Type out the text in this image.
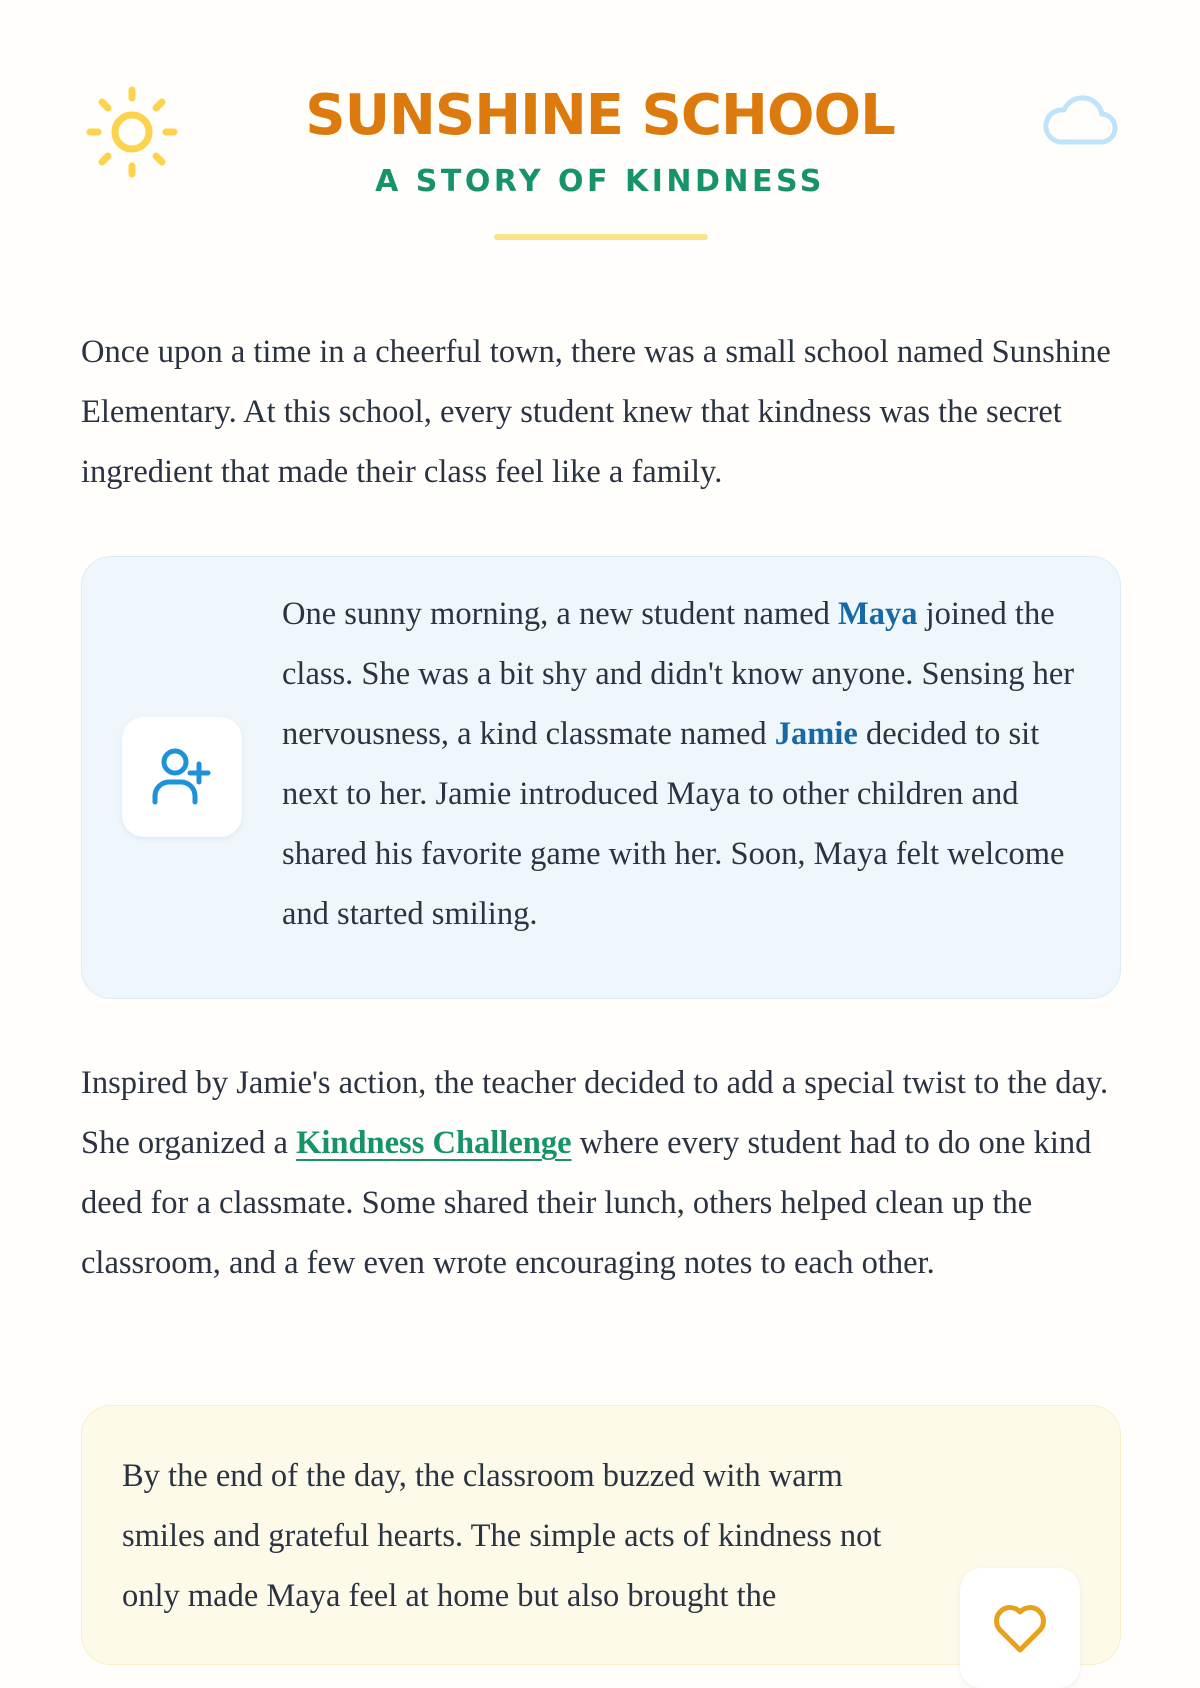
SUNSHINE SCHOOL
A STORY OF KINDNESS

Once upon a time in a cheerful town, there was a small school named Sunshine Elementary. At this school, every student knew that kindness was the secret ingredient that made their class feel like a family.

One sunny morning, a new student named Maya joined the class. She was a bit shy and didn't know anyone. Sensing her nervousness, a kind classmate named Jamie decided to sit next to her. Jamie introduced Maya to other children and shared his favorite game with her. Soon, Maya felt welcome and started smiling.

Inspired by Jamie's action, the teacher decided to add a special twist to the day. She organized a Kindness Challenge where every student had to do one kind deed for a classmate. Some shared their lunch, others helped clean up the classroom, and a few even wrote encouraging notes to each other.

By the end of the day, the classroom buzzed with warm smiles and grateful hearts. The simple acts of kindness not only made Maya feel at home but also brought the
